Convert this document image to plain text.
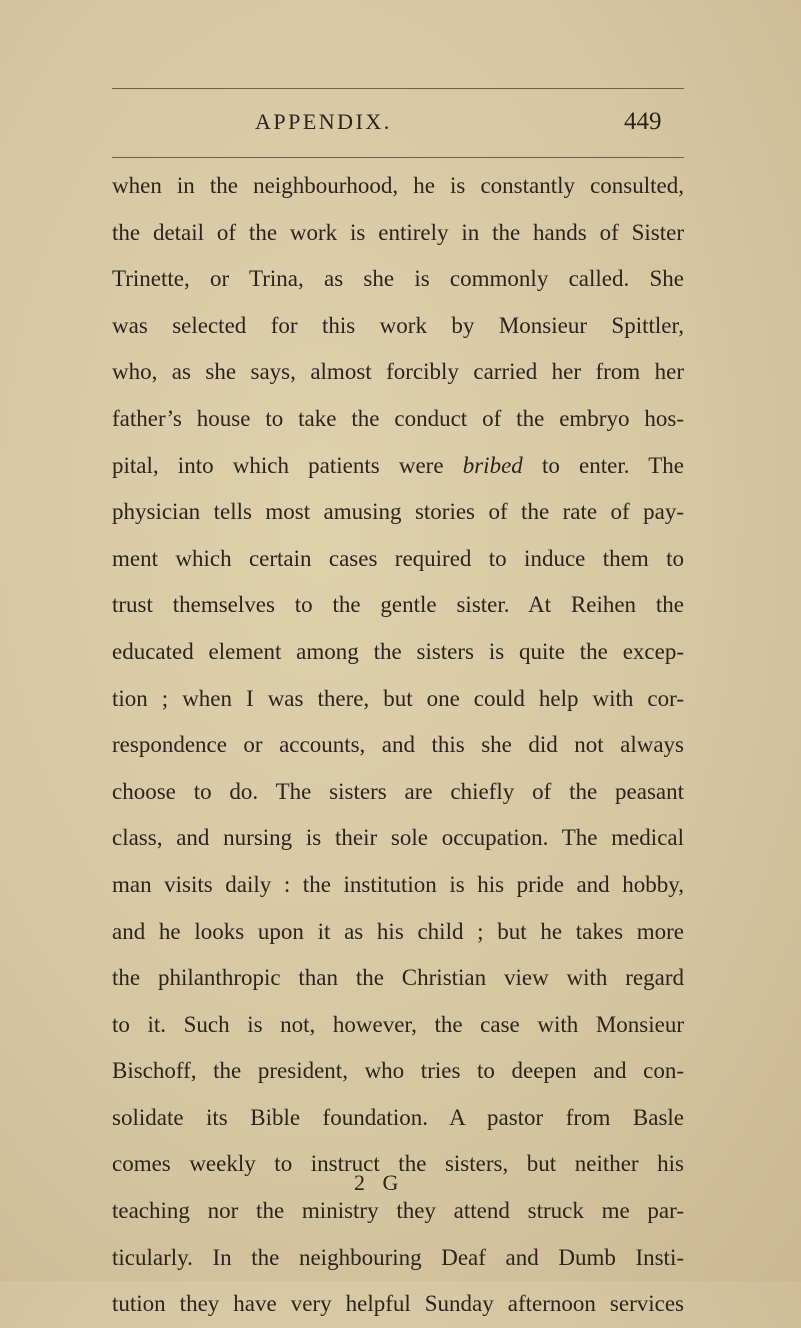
APPENDIX.	449
when in the neighbourhood, he is constantly consulted,
the detail of the work is entirely in the hands of Sister
Trinette, or Trina, as she is commonly called. She
was selected for this work by Monsieur Spittler,
who, as she says, almost forcibly carried her from her
father’s house to take the conduct of the embryo hos-
pital, into which patients were bribed to enter. The
physician tells most amusing stories of the rate of pay-
ment which certain cases required to induce them to
trust themselves to the gentle sister. At Reihen the
educated element among the sisters is quite the excep-
tion ; when I was there, but one could help with cor-
respondence or accounts, and this she did not always
choose to do. The sisters are chiefly of the peasant
class, and nursing is their sole occupation. The medical
man visits daily : the institution is his pride and hobby,
and he looks upon it as his child ; but he takes more
the philanthropic than the Christian view with regard
to it. Such is not, however, the case with Monsieur
Bischoff, the president, who tries to deepen and con-
solidate its Bible foundation. A pastor from Basle
comes weekly to instruct the sisters, but neither his
teaching nor the ministry they attend struck me par-
ticularly. In the neighbouring Deaf and Dumb Insti-
tution they have very helpful Sunday afternoon services
2 G
